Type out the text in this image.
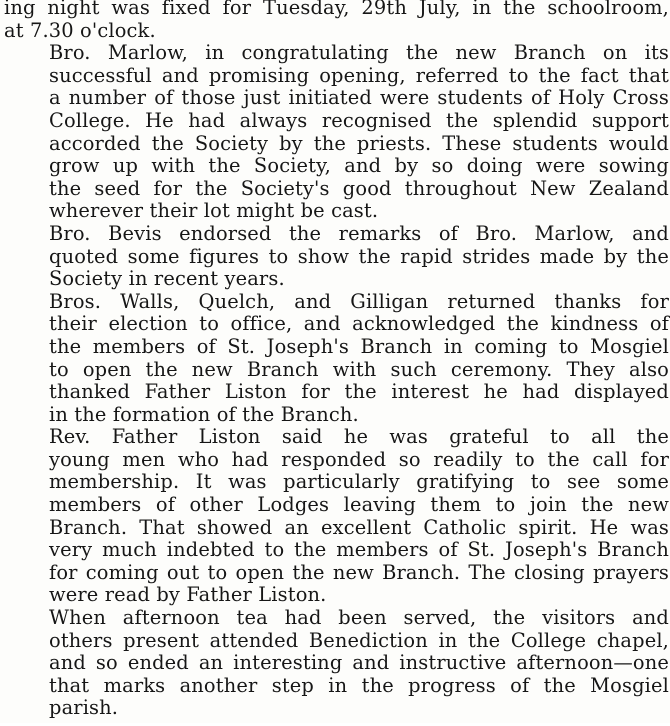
ing night was fixed for Tuesday, 29th July, in the schoolroom,
at 7.30 o'clock.

Bro. Marlow, in congratulating the new Branch on its
successful and promising opening, referred to the fact that
a number of those just initiated were students of Holy Cross
College. He had always recognised the splendid support
accorded the Society by the priests. These students would
grow up with the Society, and by so doing were sowing
the seed for the Society's good throughout New Zealand
wherever their lot might be cast.

Bro. Bevis endorsed the remarks of Bro. Marlow, and
quoted some figures to show the rapid strides made by the
Society in recent years.

Bros. Walls, Quelch, and Gilligan returned thanks for
their election to office, and acknowledged the kindness of
the members of St. Joseph's Branch in coming to Mosgiel
to open the new Branch with such ceremony. They also
thanked Father Liston for the interest he had displayed
in the formation of the Branch.

Rev. Father Liston said he was grateful to all the
young men who had responded so readily to the call for
membership. It was particularly gratifying to see some
members of other Lodges leaving them to join the new
Branch. That showed an excellent Catholic spirit. He was
very much indebted to the members of St. Joseph's Branch
for coming out to open the new Branch. The closing prayers
were read by Father Liston.

When afternoon tea had been served, the visitors and
others present attended Benediction in the College chapel,
and so ended an interesting and instructive afternoon—one
that marks another step in the progress of the Mosgiel
parish.
